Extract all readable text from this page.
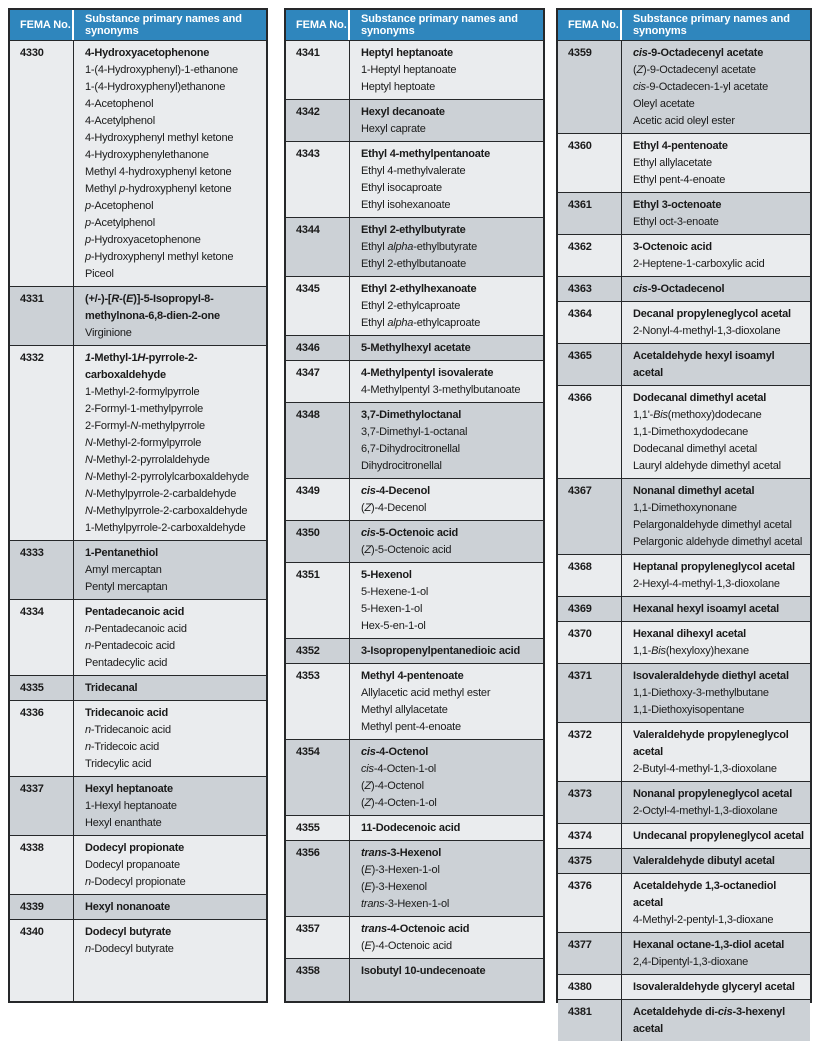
FEMA No.	Substance primary names and synonyms
4330	4-Hydroxyacetophenone
1-(4-Hydroxyphenyl)-1-ethanone
1-(4-Hydroxyphenyl)ethanone
4-Acetophenol
4-Acetylphenol
4-Hydroxyphenyl methyl ketone
4-Hydroxyphenylethanone
Methyl 4-hydroxyphenyl ketone
Methyl p-hydroxyphenyl ketone
p-Acetophenol
p-Acetylphenol
p-Hydroxyacetophenone
p-Hydroxyphenyl methyl ketone
Piceol
4331	(+/-)-[R-(E)]-5-Isopropyl-8-methylnona-6,8-dien-2-one
Virginione
4332	1-Methyl-1H-pyrrole-2-carboxaldehyde
1-Methyl-2-formylpyrrole
2-Formyl-1-methylpyrrole
2-Formyl-N-methylpyrrole
N-Methyl-2-formylpyrrole
N-Methyl-2-pyrrolaldehyde
N-Methyl-2-pyrrolylcarboxaldehyde
N-Methylpyrrole-2-carbaldehyde
N-Methylpyrrole-2-carboxaldehyde
1-Methylpyrrole-2-carboxaldehyde
4333	1-Pentanethiol
Amyl mercaptan
Pentyl mercaptan
4334	Pentadecanoic acid
n-Pentadecanoic acid
n-Pentadecoic acid
Pentadecylic acid
4335	Tridecanal
4336	Tridecanoic acid
n-Tridecanoic acid
n-Tridecoic acid
Tridecylic acid
4337	Hexyl heptanoate
1-Hexyl heptanoate
Hexyl enanthate
4338	Dodecyl propionate
Dodecyl propanoate
n-Dodecyl propionate
4339	Hexyl nonanoate
4340	Dodecyl butyrate
n-Dodecyl butyrate
FEMA No.	Substance primary names and synonyms
4341	Heptyl heptanoate
1-Heptyl heptanoate
Heptyl heptoate
4342	Hexyl decanoate
Hexyl caprate
4343	Ethyl 4-methylpentanoate
Ethyl 4-methylvalerate
Ethyl isocaproate
Ethyl isohexanoate
4344	Ethyl 2-ethylbutyrate
Ethyl alpha-ethylbutyrate
Ethyl 2-ethylbutanoate
4345	Ethyl 2-ethylhexanoate
Ethyl 2-ethylcaproate
Ethyl alpha-ethylcaproate
4346	5-Methylhexyl acetate
4347	4-Methylpentyl isovalerate
4-Methylpentyl 3-methylbutanoate
4348	3,7-Dimethyloctanal
3,7-Dimethyl-1-octanal
6,7-Dihydrocitronellal
Dihydrocitronellal
4349	cis-4-Decenol
(Z)-4-Decenol
4350	cis-5-Octenoic acid
(Z)-5-Octenoic acid
4351	5-Hexenol
5-Hexene-1-ol
5-Hexen-1-ol
Hex-5-en-1-ol
4352	3-Isopropenylpentanedioic acid
4353	Methyl 4-pentenoate
Allylacetic acid methyl ester
Methyl allylacetate
Methyl pent-4-enoate
4354	cis-4-Octenol
cis-4-Octen-1-ol
(Z)-4-Octenol
(Z)-4-Octen-1-ol
4355	11-Dodecenoic acid
4356	trans-3-Hexenol
(E)-3-Hexen-1-ol
(E)-3-Hexenol
trans-3-Hexen-1-ol
4357	trans-4-Octenoic acid
(E)-4-Octenoic acid
4358	Isobutyl 10-undecenoate
FEMA No.	Substance primary names and synonyms
4359	cis-9-Octadecenyl acetate
(Z)-9-Octadecenyl acetate
cis-9-Octadecen-1-yl acetate
Oleyl acetate
Acetic acid oleyl ester
4360	Ethyl 4-pentenoate
Ethyl allylacetate
Ethyl pent-4-enoate
4361	Ethyl 3-octenoate
Ethyl oct-3-enoate
4362	3-Octenoic acid
2-Heptene-1-carboxylic acid
4363	cis-9-Octadecenol
4364	Decanal propyleneglycol acetal
2-Nonyl-4-methyl-1,3-dioxolane
4365	Acetaldehyde hexyl isoamyl acetal
4366	Dodecanal dimethyl acetal
1,1'-Bis(methoxy)dodecane
1,1-Dimethoxydodecane
Dodecanal dimethyl acetal
Lauryl aldehyde dimethyl acetal
4367	Nonanal dimethyl acetal
1,1-Dimethoxynonane
Pelargonaldehyde dimethyl acetal
Pelargonic aldehyde dimethyl acetal
4368	Heptanal propyleneglycol acetal
2-Hexyl-4-methyl-1,3-dioxolane
4369	Hexanal hexyl isoamyl acetal
4370	Hexanal dihexyl acetal
1,1-Bis(hexyloxy)hexane
4371	Isovaleraldehyde diethyl acetal
1,1-Diethoxy-3-methylbutane
1,1-Diethoxyisopentane
4372	Valeraldehyde propyleneglycol acetal
2-Butyl-4-methyl-1,3-dioxolane
4373	Nonanal propyleneglycol acetal
2-Octyl-4-methyl-1,3-dioxolane
4374	Undecanal propyleneglycol acetal
4375	Valeraldehyde dibutyl acetal
4376	Acetaldehyde 1,3-octanediol acetal
4-Methyl-2-pentyl-1,3-dioxane
4377	Hexanal octane-1,3-diol acetal
2,4-Dipentyl-1,3-dioxane
4380	Isovaleraldehyde glyceryl acetal
4381	Acetaldehyde di-cis-3-hexenyl acetal
